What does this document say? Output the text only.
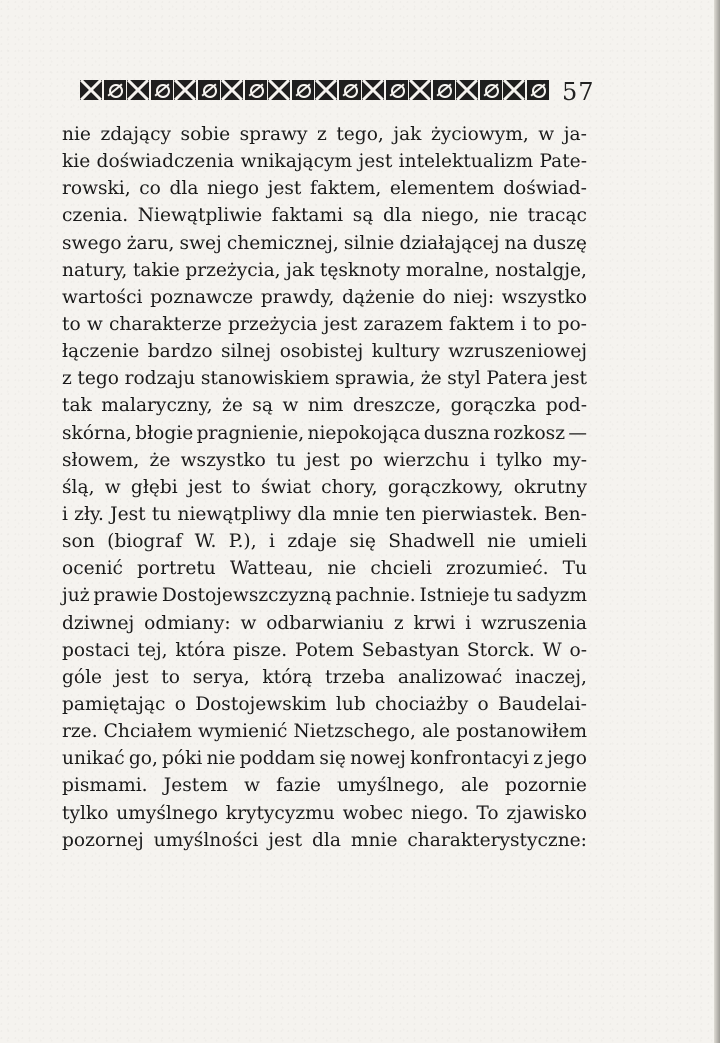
57
nie zdający sobie sprawy z tego, jak życiowym, w ja-
kie doświadczenia wnikającym jest intelektualizm Pate-
rowski, co dla niego jest faktem, elementem doświad-
czenia. Niewątpliwie faktami są dla niego, nie tracąc
swego żaru, swej chemicznej, silnie działającej na duszę
natury, takie przeżycia, jak tęsknoty moralne, nostalgje,
wartości poznawcze prawdy, dążenie do niej: wszystko
to w charakterze przeżycia jest zarazem faktem i to po-
łączenie bardzo silnej osobistej kultury wzruszeniowej
z tego rodzaju stanowiskiem sprawia, że styl Patera jest
tak malaryczny, że są w nim dreszcze, gorączka pod-
skórna, błogie pragnienie, niepokojąca duszna rozkosz —
słowem, że wszystko tu jest po wierzchu i tylko my-
ślą, w głębi jest to świat chory, gorączkowy, okrutny
i zły. Jest tu niewątpliwy dla mnie ten pierwiastek. Ben-
son (biograf W. P.), i zdaje się Shadwell nie umieli
ocenić portretu Watteau, nie chcieli zrozumieć. Tu
już prawie Dostojewszczyzną pachnie. Istnieje tu sadyzm
dziwnej odmiany: w odbarwianiu z krwi i wzruszenia
postaci tej, która pisze. Potem Sebastyan Storck. W o-
góle jest to serya, którą trzeba analizować inaczej,
pamiętając o Dostojewskim lub chociażby o Baudelai-
rze. Chciałem wymienić Nietzschego, ale postanowiłem
unikać go, póki nie poddam się nowej konfrontacyi z jego
pismami. Jestem w fazie umyślnego, ale pozornie
tylko umyślnego krytycyzmu wobec niego. To zjawisko
pozornej umyślności jest dla mnie charakterystyczne:
